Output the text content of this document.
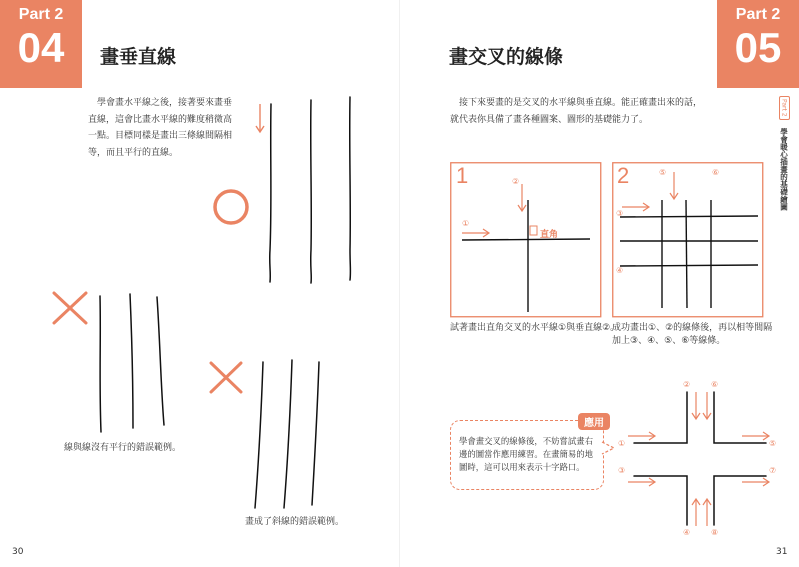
Part 2
04	畫垂直線
學會畫水平線之後，接著要來畫垂
直線，這會比畫水平線的難度稍微高
一點。目標同樣是畫出三條線間隔相
等，而且平行的直線。
線與線沒有平行的錯誤範例。
畫成了斜線的錯誤範例。
30
Part 2
05
畫交叉的線條
接下來要畫的是交叉的水平線與垂直線。能正確畫出來的話，
就代表你具備了畫各種圖案、圖形的基礎能力了。
Part 2
學會暖心插畫的基礎繪圖
1	②
①
直角
試著畫出直角交叉的水平線①與垂直線②。
2	⑤	⑥
③
④
成功畫出①、②的線條後，再以相等間隔
加上③、④、⑤、⑥等線條。
學會畫交叉的線條後，不妨嘗試畫右邊的圖當作應用練習。在畫簡易的地圖時，這可以用來表示十字路口。
應用
②	⑥
①
③
⑤
⑦
④	⑧
31
